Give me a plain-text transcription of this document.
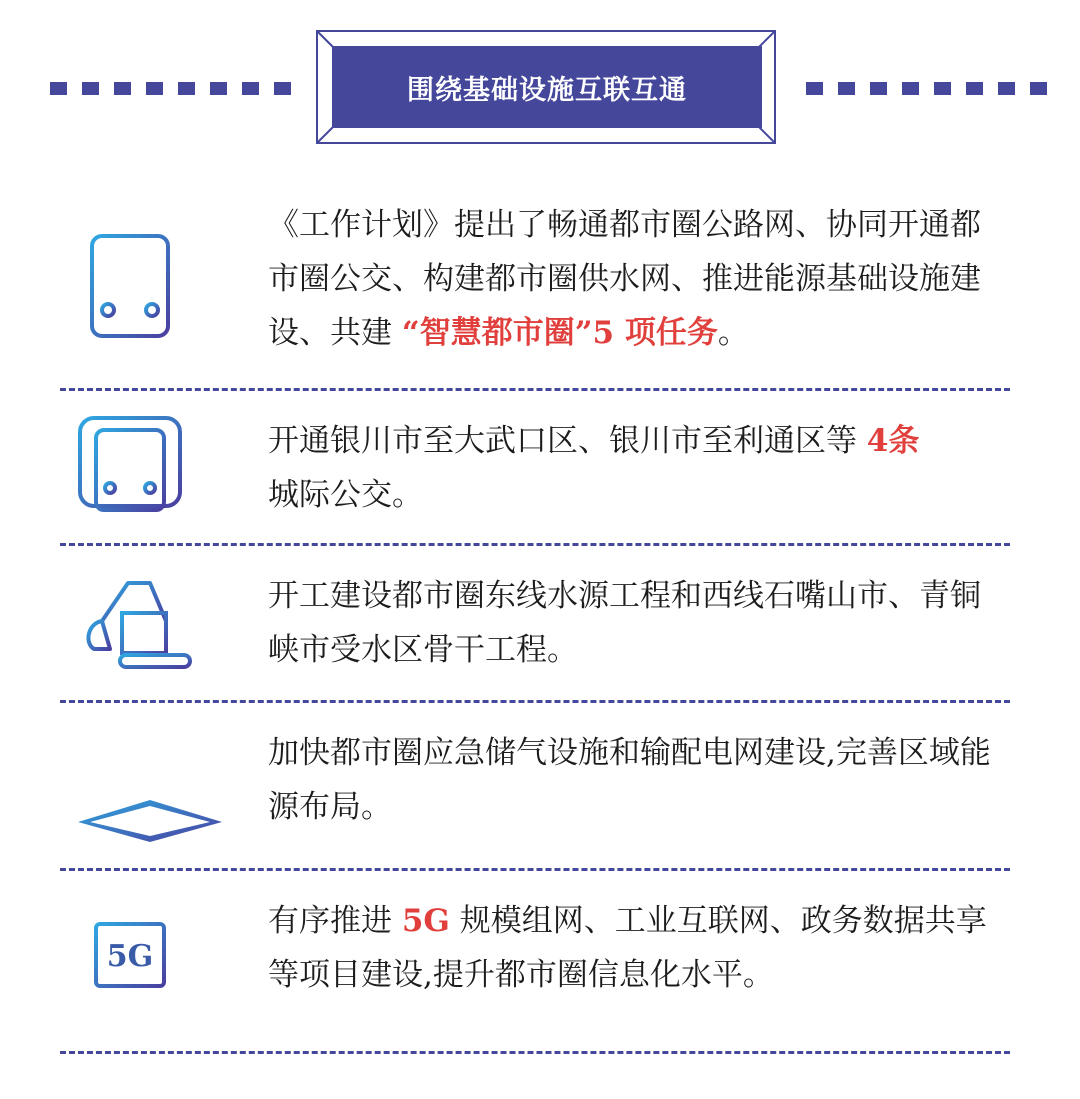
围绕基础设施互联互通
《工作计划》提出了畅通都市圈公路网、协同开通都市圈公交、构建都市圈供水网、推进能源基础设施建设、共建 “智慧都市圈”5 项任务。
开通银川市至大武口区、银川市至利通区等 4条
城际公交。
开工建设都市圈东线水源工程和西线石嘴山市、青铜峡市受水区骨干工程。
加快都市圈应急储气设施和输配电网建设,完善区域能源布局。
5G
有序推进 5G 规模组网、工业互联网、政务数据共享等项目建设,提升都市圈信息化水平。
